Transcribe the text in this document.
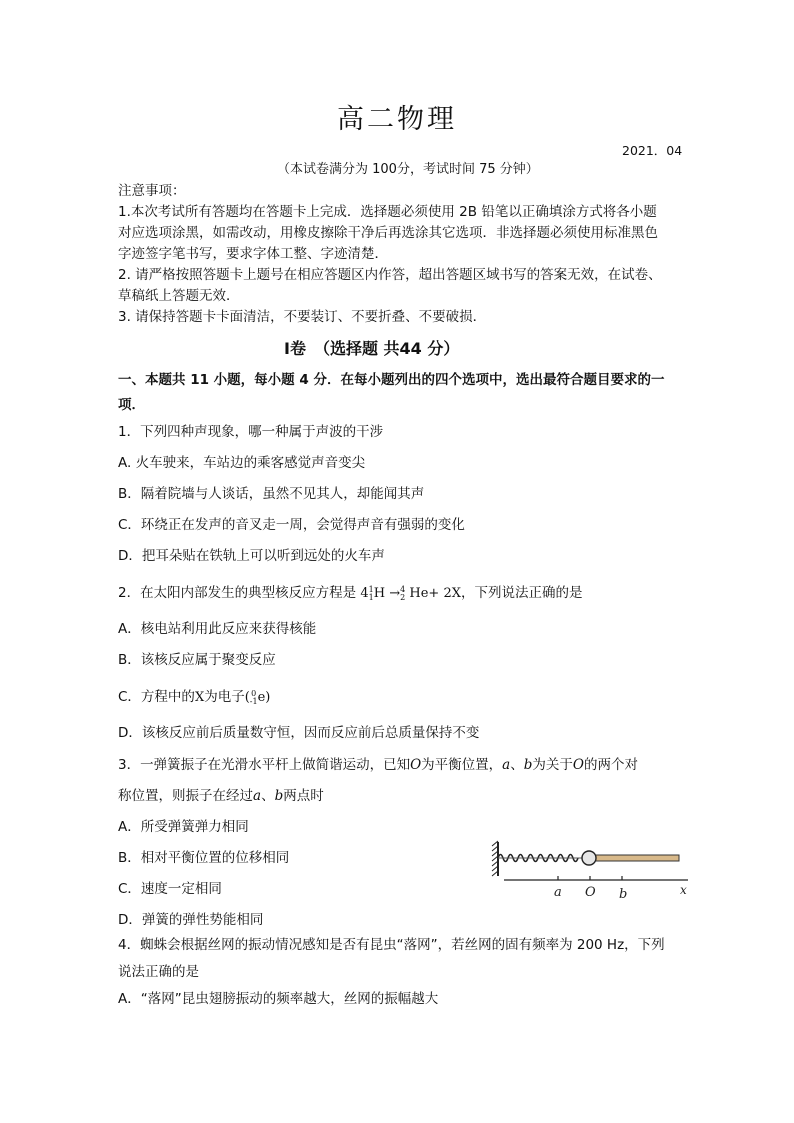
高二物理
2021．04
（本试卷满分为 100分，考试时间 75 分钟）
注意事项：
1.本次考试所有答题均在答题卡上完成．选择题必须使用 2B 铅笔以正确填涂方式将各小题
对应选项涂黑，如需改动，用橡皮擦除干净后再选涂其它选项．非选择题必须使用标准黑色
字迹签字笔书写，要求字体工整、字迹清楚．
2. 请严格按照答题卡上题号在相应答题区内作答，超出答题区域书写的答案无效，在试卷、
草稿纸上答题无效．
3. 请保持答题卡卡面清洁，不要装订、不要折叠、不要破损．
Ⅰ卷　（选择题 共44 分）
一、本题共 11 小题，每小题 4 分．在每小题列出的四个选项中，选出最符合题目要求的一
项．
1．下列四种声现象，哪一种属于声波的干涉
A. 火车驶来，车站边的乘客感觉声音变尖
B．隔着院墙与人谈话，虽然不见其人，却能闻其声
C．环绕正在发声的音叉走一周，会觉得声音有强弱的变化
D．把耳朵贴在铁轨上可以听到远处的火车声
2．在太阳内部发生的典型核反应方程是 41
1H →4
2 He+ 2X，下列说法正确的是
A．核电站利用此反应来获得核能
B．该核反应属于聚变反应
C．方程中的X为电子(0
-1e)
D．该核反应前后质量数守恒，因而反应前后总质量保持不变
3．一弹簧振子在光滑水平杆上做简谐运动，已知O为平衡位置，a、b为关于O的两个对
称位置，则振子在经过a、b两点时
A．所受弹簧弹力相同
B．相对平衡位置的位移相同
C．速度一定相同
D．弹簧的弹性势能相同
a O b	x
4．蜘蛛会根据丝网的振动情况感知是否有昆虫“落网”，若丝网的固有频率为 200 Hz，下列
说法正确的是
A．“落网”昆虫翅膀振动的频率越大，丝网的振幅越大
